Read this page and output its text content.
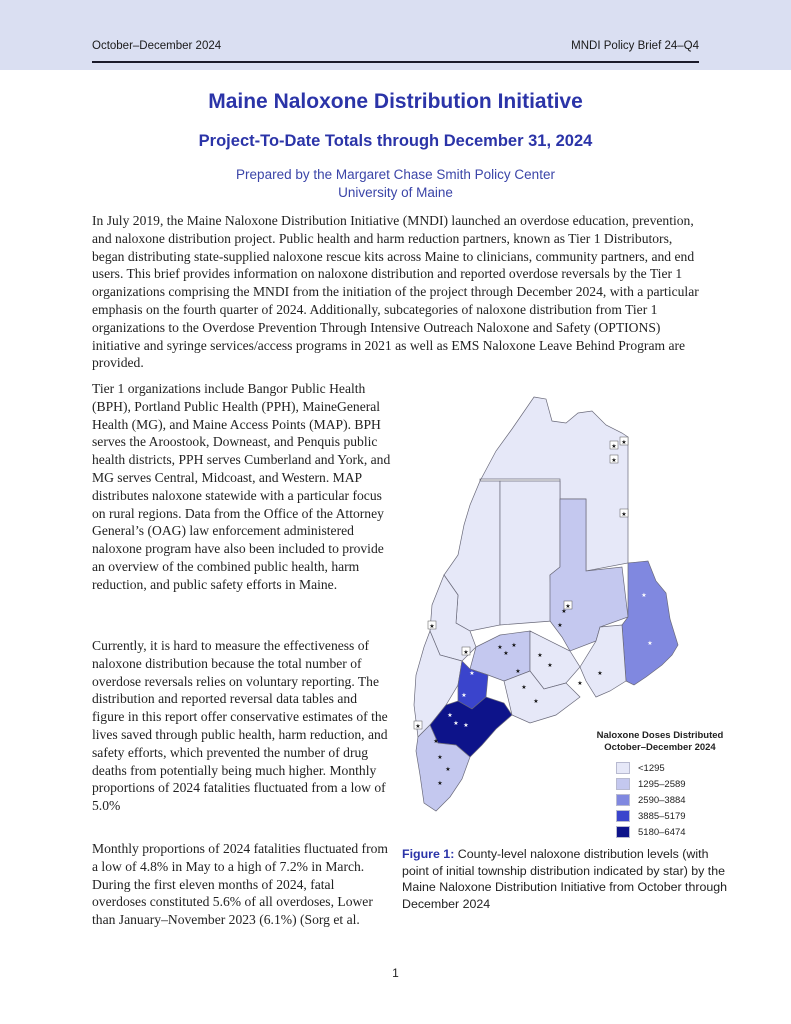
October–December 2024	MNDI Policy Brief 24–Q4
Maine Naloxone Distribution Initiative
Project-To-Date Totals through December 31, 2024
Prepared by the Margaret Chase Smith Policy Center
University of Maine

In July 2019, the Maine Naloxone Distribution Initiative (MNDI) launched an overdose education, prevention, and naloxone distribution project. Public health and harm reduction partners, known as Tier 1 Distributors, began distributing state-supplied naloxone rescue kits across Maine to clinicians, community partners, and end users. This brief provides information on naloxone distribution and reported overdose reversals by the Tier 1 organizations comprising the MNDI from the initiation of the project through December 2024, with a particular emphasis on the fourth quarter of 2024. Additionally, subcategories of naloxone distribution from Tier 1 organizations to the Overdose Prevention Through Intensive Outreach Naloxone and Safety (OPTIONS) initiative and syringe services/access programs in 2021 as well as EMS Naloxone Leave Behind Program are provided.

Tier 1 organizations include Bangor Public Health (BPH), Portland Public Health (PPH), MaineGeneral Health (MG), and Maine Access Points (MAP). BPH serves the Aroostook, Downeast, and Penquis public health districts, PPH serves Cumberland and York, and MG serves Central, Midcoast, and Western. MAP distributes naloxone statewide with a particular focus on rural regions. Data from the Office of the Attorney General’s (OAG) law enforcement administered naloxone program have also been included to provide an overview of the combined public health, harm reduction, and public safety efforts in Maine.

Currently, it is hard to measure the effectiveness of naloxone distribution because the total number of overdose reversals relies on voluntary reporting. The distribution and reported reversal data tables and figure in this report offer conservative estimates of the lives saved through public health, harm reduction, and safety efforts, which prevented the number of drug deaths from potentially being much higher. Monthly proportions of 2024 fatalities fluctuated from a low of 5.0%

Monthly proportions of 2024 fatalities fluctuated from a low of 4.8% in May to a high of 7.2% in March. During the first eleven months of 2024, fatal overdoses constituted 5.6% of all overdoses, Lower than January–November 2023 (6.1%) (Sorg et al.

★
★
★
★
★
★
★
★
★
★
★
★
★
★
★
★
★
★
★
★
★
★
★
★
★
★
★
★
★
★
★
Naloxone Doses Distributed
October–December 2024
<1295
1295–2589
2590–3884
3885–5179
5180–6474

Figure 1: County-level naloxone distribution levels (with point of initial township distribution indicated by star) by the Maine Naloxone Distribution Initiative from October through December 2024

1
